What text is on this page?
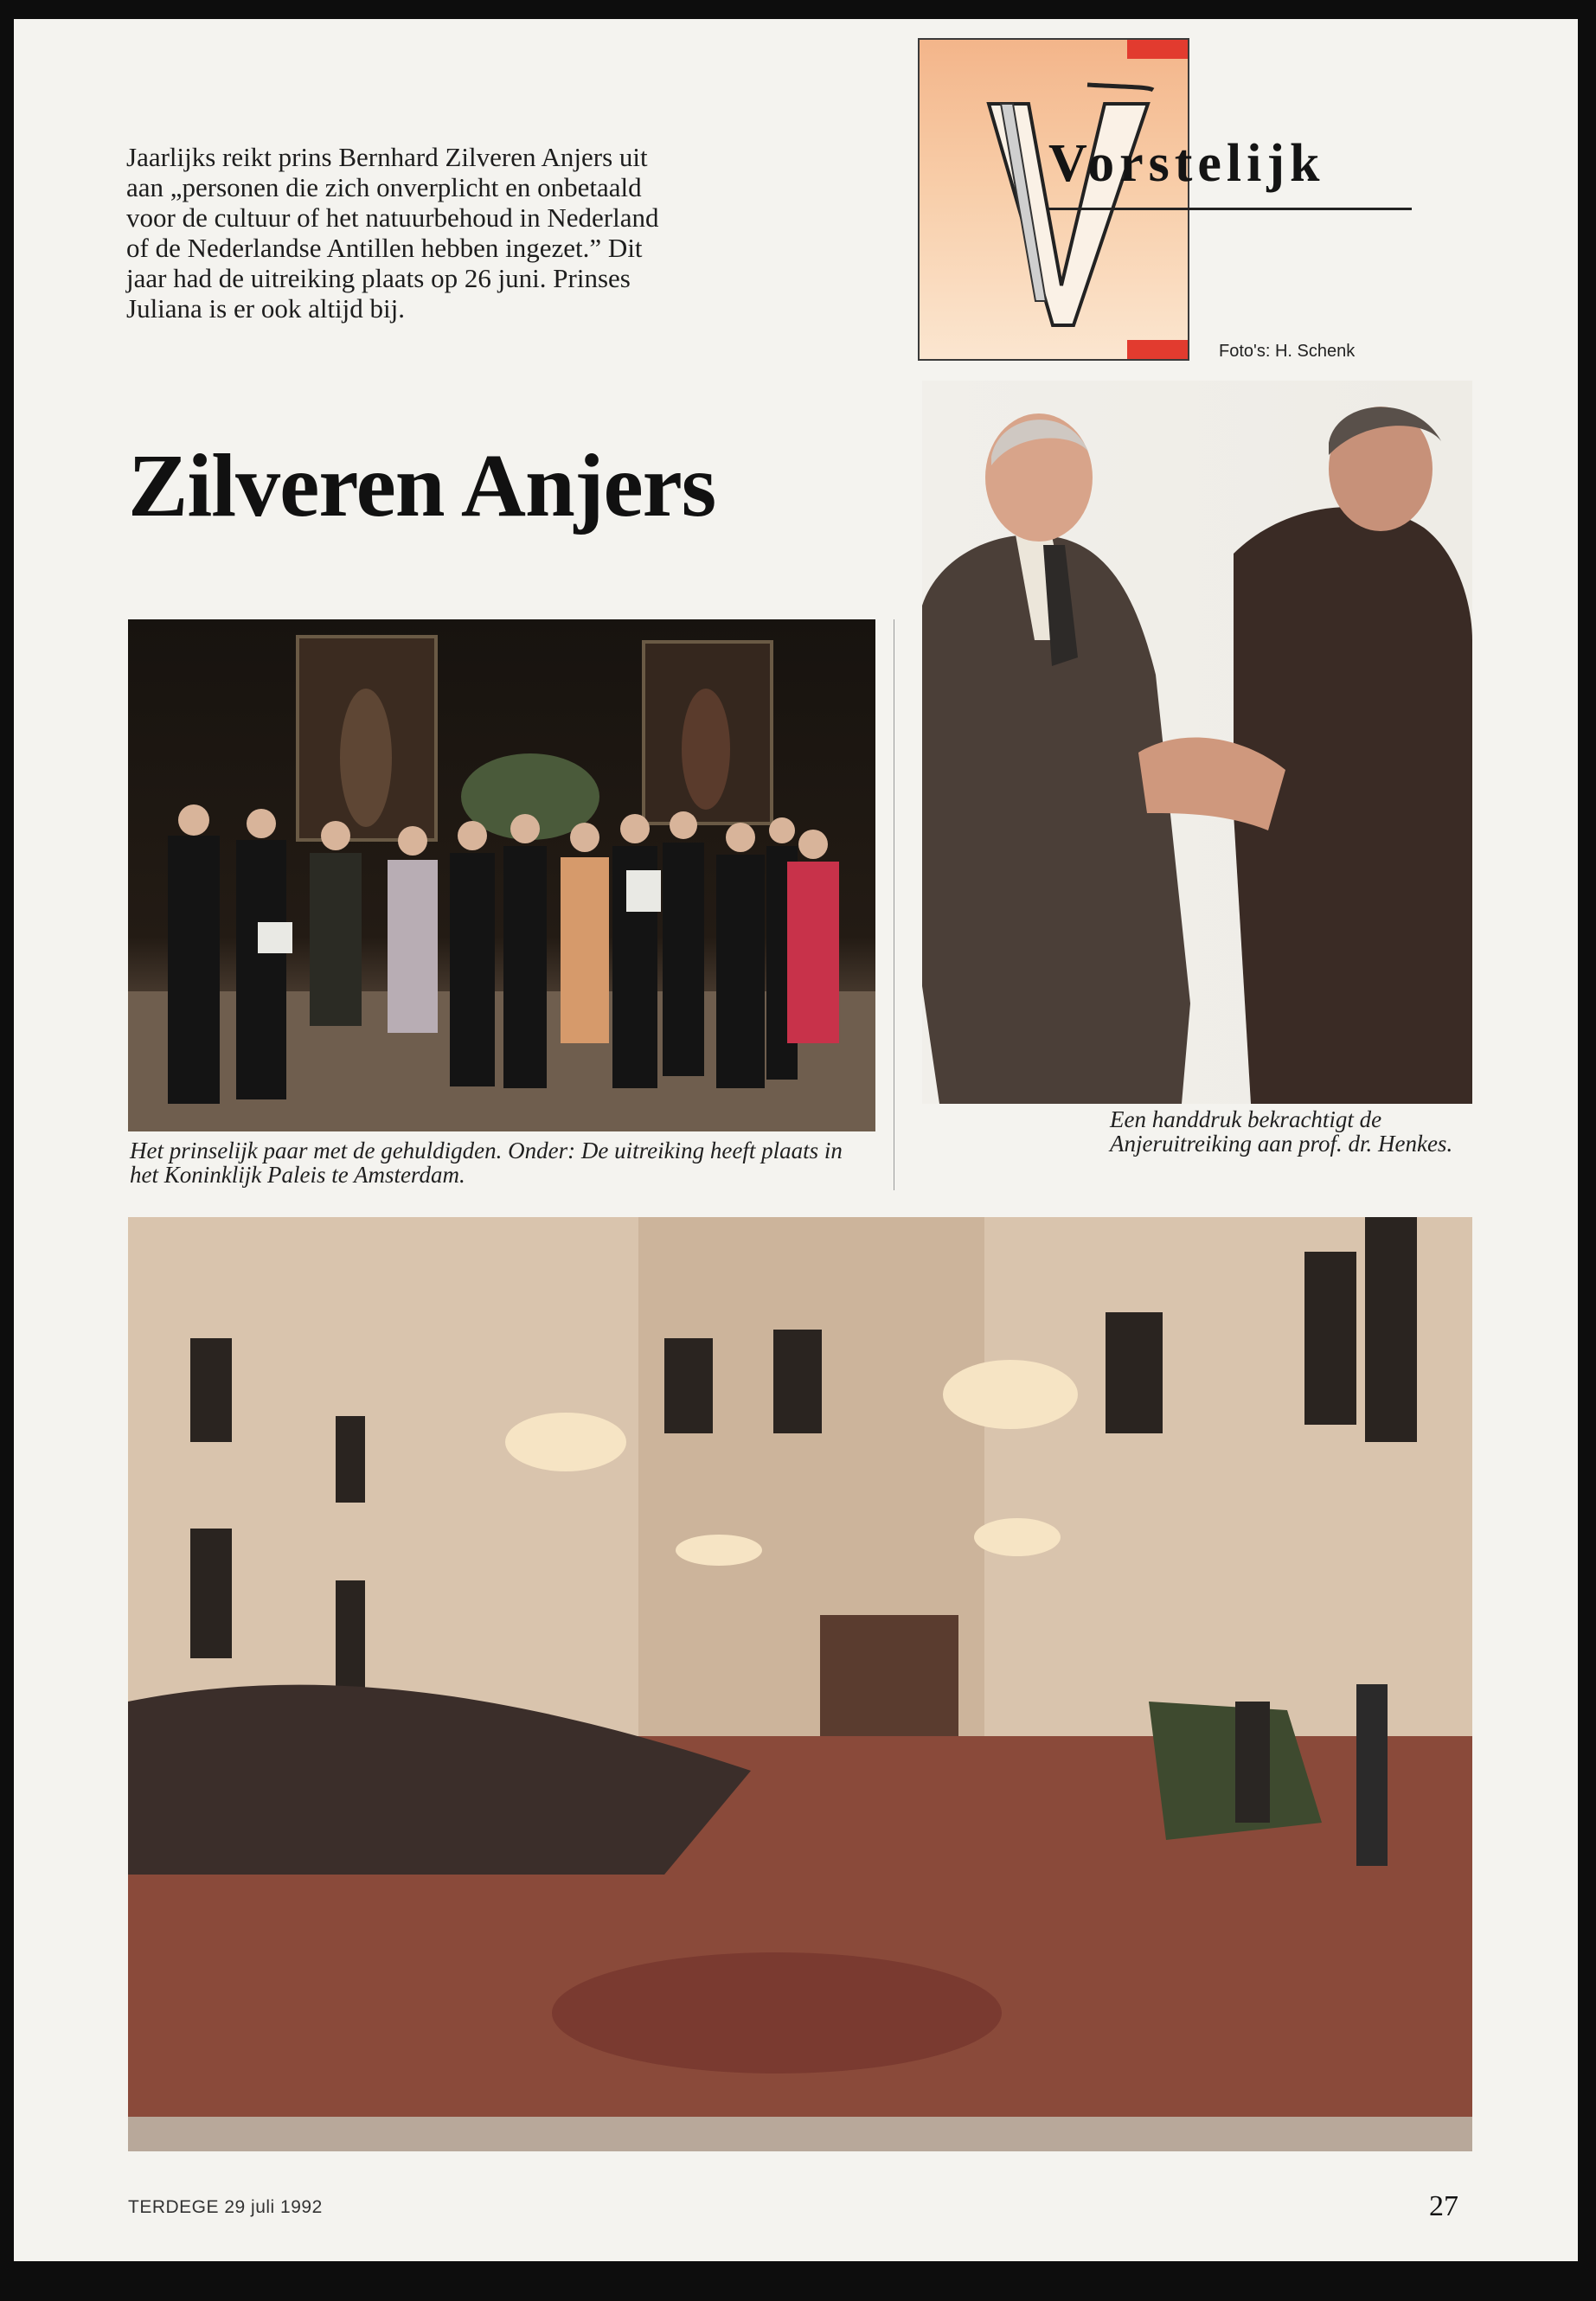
Jaarlijks reikt prins Bernhard Zilveren Anjers uit aan „personen die zich onverplicht en onbetaald voor de cultuur of het natuurbehoud in Nederland of de Nederlandse Antillen hebben ingezet.” Dit jaar had de uitreiking plaats op 26 juni. Prinses Juliana is er ook altijd bij.

Zilveren Anjers
Vorstelijk
Foto's: H. Schenk

Het prinselijk paar met de gehuldigden. Onder: De uitreiking heeft plaats in het Koninklijk Paleis te Amsterdam.

Een handdruk bekrachtigt de Anjeruitreiking aan prof. dr. Henkes.

TERDEGE 29 juli 1992	27
